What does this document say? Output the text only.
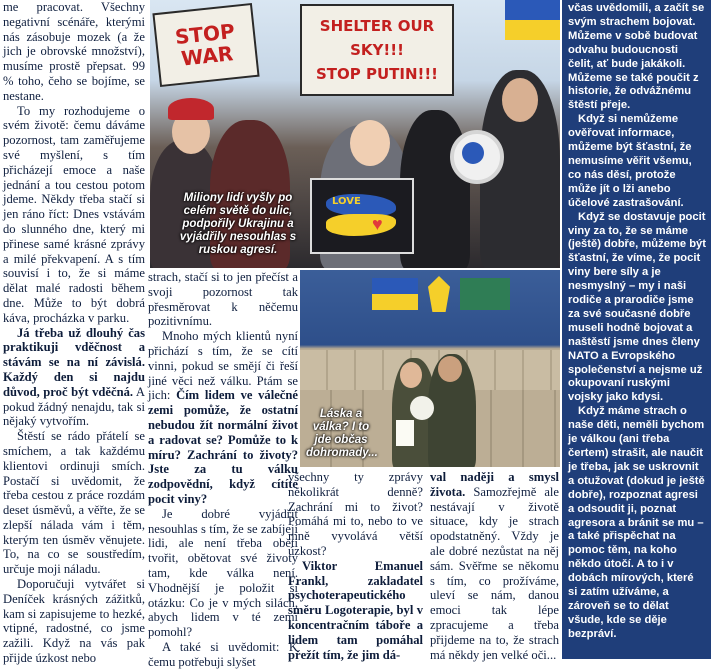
me pracovat. Všechny negativní scénáře, kterými nás zásobuje mozek (a že jich je obrovské množství), musíme prostě přepsat. 99 % toho, čeho se bojíme, se nestane.

To my rozhodujeme o svém životě: čemu dáváme pozornost, tam zaměřujeme své myšlení, s tím přicházejí emoce a naše jednání a tou cestou potom jdeme. Někdy třeba stačí si jen ráno říct: Dnes vstávám do slunného dne, který mi přinese samé krásné zprávy a milé překvapení. A s tím souvisí i to, že si máme dělat malé radosti během dne. Může to být dobrá káva, procházka v parku.

Já třeba už dlouhý čas praktikuji vděčnost a stávám se na ní závislá. Každý den si najdu důvod, proč být vděčná. A pokud žádný nenajdu, tak si nějaký vytvořím.

Štěstí se rádo přátelí se smíchem, a tak každému klientovi ordinuji smích. Postačí si uvědomit, že třeba cestou z práce rozdám deset úsměvů, a věřte, že se zlepší nálada vám i těm, kterým ten úsměv věnujete. To, na co se soustředím, určuje moji náladu.

Doporučuji vytvářet si Deníček krásných zážitků, kam si zapisujeme to hezké, vtipné, radostné, co jsme zažili. Když na vás pak přijde úzkost nebo

STOP WAR
SHELTER OUR SKY!!!
STOP PUTIN!!!
LOVE
♥
Miliony lidí vyšly po celém světě do ulic, podpořily Ukrajinu a vyjádřily nesouhlas s ruskou agresí.

strach, stačí si to jen přečíst a svoji pozornost tak přesměrovat k něčemu pozitivnímu.

Mnoho mých klientů nyní přichází s tím, že se cítí vinni, pokud se smějí či řeší jiné věci než válku. Ptám se jich: Čím lidem ve válečné zemi pomůže, že ostatní nebudou žít normální život a radovat se? Pomůže to k míru? Zachrání to životy? Jste za tu válku zodpovědní, když cítíte pocit viny?

Je dobré vyjádřit nesouhlas s tím, že se zabíjejí lidi, ale není třeba oběti tvořit, obětovat své životy tam, kde válka není. Vhodnější je položit si otázku: Co je v mých silách, abych lidem v té zemi pomohl?

A také si uvědomit: K čemu potřebuji slyšet

Láska a válka? I to jde občas dohromady...

všechny ty zprávy několikrát denně? Zachrání mi to život? Pomáhá mi to, nebo to ve mně vyvolává větší úzkost?

Viktor Emanuel Frankl, zakladatel psychoterapeutického směru Logoterapie, byl v koncentračním táboře a lidem tam pomáhal přežít tím, že jim dá-

val naději a smysl života. Samozřejmě ale nestávají v životě situace, kdy je strach opodstatněný. Vždy je ale dobré nezůstat na něj sám. Svěřme se někomu s tím, co prožíváme, uleví se nám, danou emoci tak lépe zpracujeme a třeba přijdeme na to, že strach má někdy jen velké oči...

včas uvědomili, a začít se svým strachem bojovat. Můžeme v sobě budovat odvahu budoucnosti čelit, ať bude jakákoli. Můžeme se také poučit z historie, že odvážnému štěstí přeje.

Když si nemůžeme ověřovat informace, můžeme být šťastní, že nemusíme věřit všemu, co nás děsí, protože může jít o lži anebo účelové zastrašování.

Když se dostavuje pocit viny za to, že se máme (ještě) dobře, můžeme být šťastní, že víme, že pocit viny bere síly a je nesmyslný – my i naši rodiče a prarodiče jsme za své současné dobře museli hodně bojovat a naštěstí jsme dnes členy NATO a Evropského společenství a nejsme už okupovaní ruskými vojsky jako kdysi.

Když máme strach o naše děti, neměli bychom je válkou (ani třeba čertem) strašit, ale naučit je třeba, jak se uskrovnit a otužovat (dokud je ještě dobře), rozpoznat agresi a odsoudit ji, poznat agresora a bránit se mu – a také přispěchat na pomoc těm, na koho někdo útočí. A to i v dobách mírových, které si zatím užíváme, a zároveň se to dělat všude, kde se děje bezpráví.
